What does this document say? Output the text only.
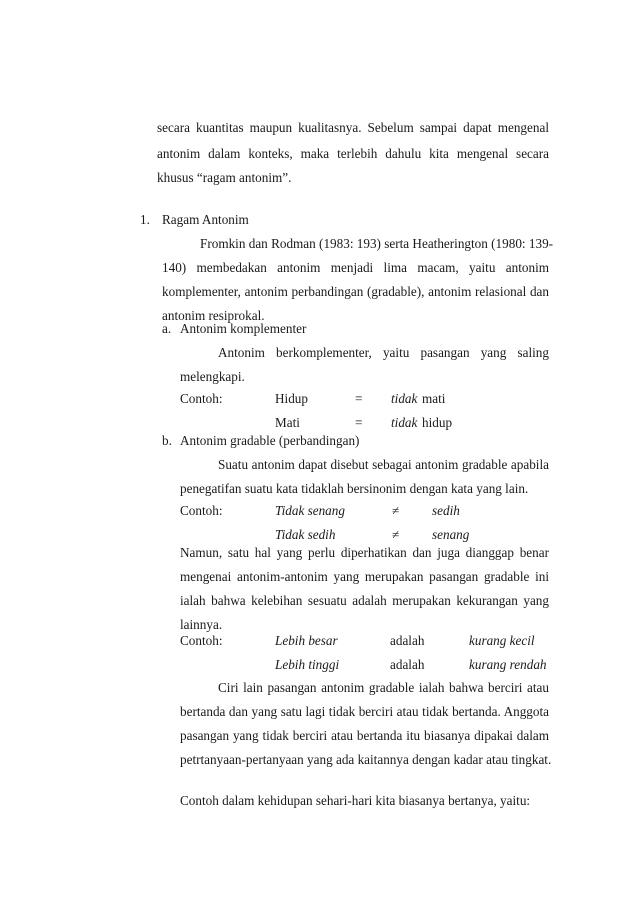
secara kuantitas maupun kualitasnya. Sebelum sampai dapat mengenal
antonim dalam konteks, maka terlebih dahulu kita mengenal secara
khusus “ragam antonim”.
1. Ragam Antonim
Fromkin dan Rodman (1983: 193) serta Heatherington (1980: 139-
140) membedakan antonim menjadi lima macam, yaitu antonim
komplementer, antonim perbandingan (gradable), antonim relasional dan
antonim resiprokal.
a. Antonim komplementer
Antonim berkomplementer, yaitu pasangan yang saling
melengkapi.
Contoh:	Hidup	= tidak mati
Mati	= tidak hidup
b. Antonim gradable (perbandingan)
Suatu antonim dapat disebut sebagai antonim gradable apabila
penegatifan suatu kata tidaklah bersinonim dengan kata yang lain.
Contoh:	Tidak senang	≠ sedih
Tidak sedih	≠ senang
Namun, satu hal yang perlu diperhatikan dan juga dianggap benar
mengenai antonim-antonim yang merupakan pasangan gradable ini
ialah bahwa kelebihan sesuatu adalah merupakan kekurangan yang
lainnya.
Contoh:	Lebih besar	adalah	kurang kecil
Lebih tinggi	adalah	kurang rendah
Ciri lain pasangan antonim gradable ialah bahwa berciri atau
bertanda dan yang satu lagi tidak berciri atau tidak bertanda. Anggota
pasangan yang tidak berciri atau bertanda itu biasanya dipakai dalam
petrtanyaan-pertanyaan yang ada kaitannya dengan kadar atau tingkat.
Contoh dalam kehidupan sehari-hari kita biasanya bertanya, yaitu:
